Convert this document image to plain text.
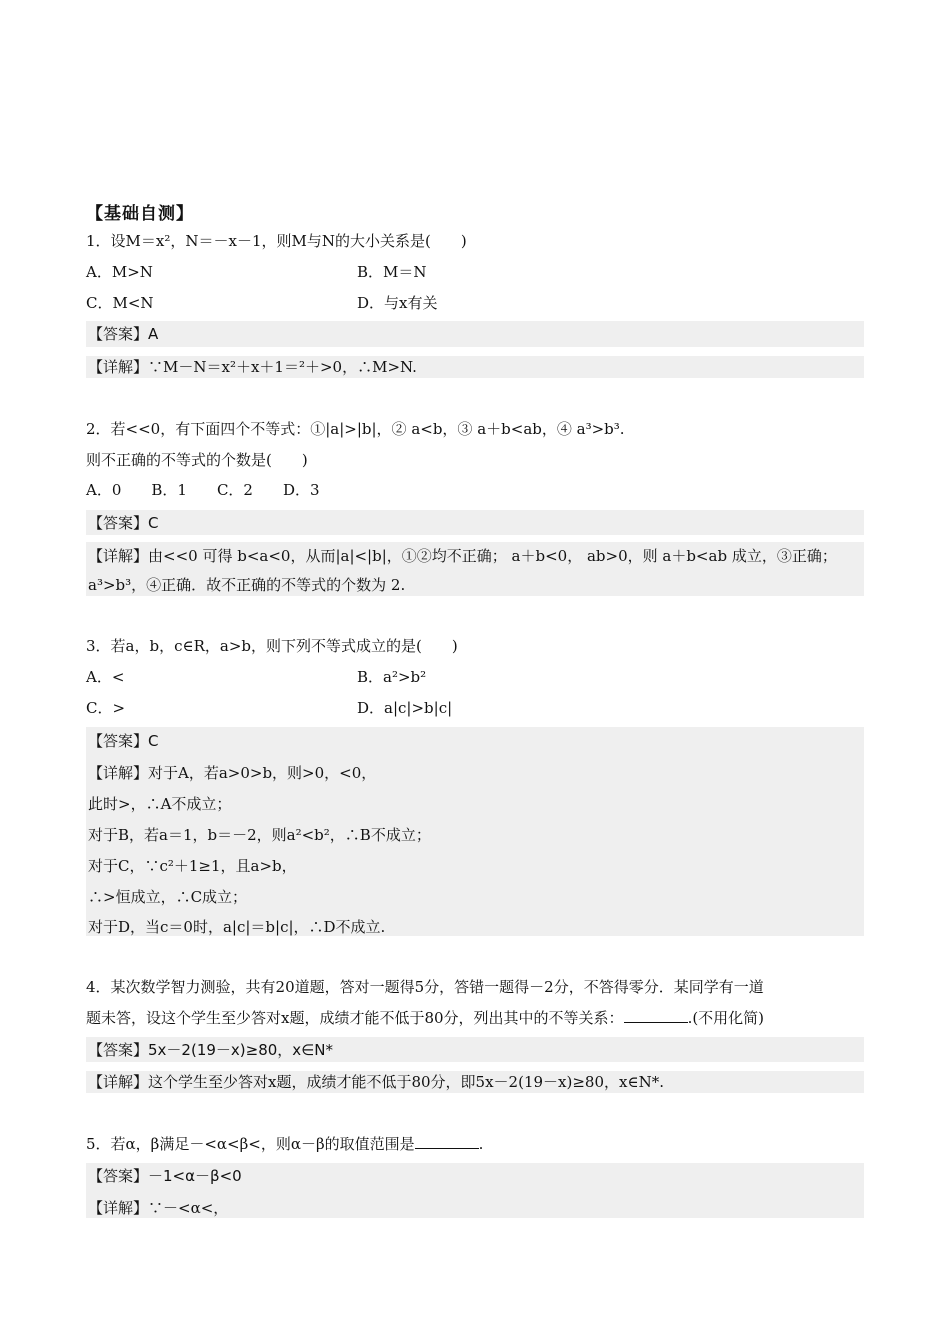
【基础自测】
1．设M＝x²，N＝－x－1，则M与N的大小关系是(　　)
A．M>N	B．M＝N
C．M<N	D．与x有关
【答案】A
【详解】∵M－N＝x²＋x＋1＝²＋>0，∴M>N.
2．若<<0，有下面四个不等式：①|a|>|b|，② a<b，③ a＋b<ab，④ a³>b³.
则不正确的不等式的个数是(　　)
A．0　　B．1　　C．2　　D．3
【答案】C
【详解】由<<0 可得 b<a<0，从而|a|<|b|，①②均不正确； a＋b<0， ab>0，则 a＋b<ab 成立，③正确；
a³>b³，④正确．故不正确的不等式的个数为 2.
3．若a，b，c∈R，a>b，则下列不等式成立的是(　　)
A．<	B．a²>b²
C．>	D．a|c|>b|c|
【答案】C
【详解】对于A，若a>0>b，则>0，<0，
此时>，∴A不成立；
对于B，若a＝1，b＝－2，则a²<b²，∴B不成立；
对于C，∵c²＋1≥1，且a>b，
∴>恒成立，∴C成立；
对于D，当c＝0时，a|c|＝b|c|，∴D不成立.
4．某次数学智力测验，共有20道题，答对一题得5分，答错一题得－2分，不答得零分．某同学有一道
题未答，设这个学生至少答对x题，成绩才能不低于80分，列出其中的不等关系：	.(不用化简)
【答案】5x－2(19－x)≥80，x∈N*
【详解】这个学生至少答对x题，成绩才能不低于80分，即5x－2(19－x)≥80，x∈N*.
5．若α，β满足－<α<β<，则α－β的取值范围是	.
【答案】－1<α－β<0
【详解】∵－<α<，
